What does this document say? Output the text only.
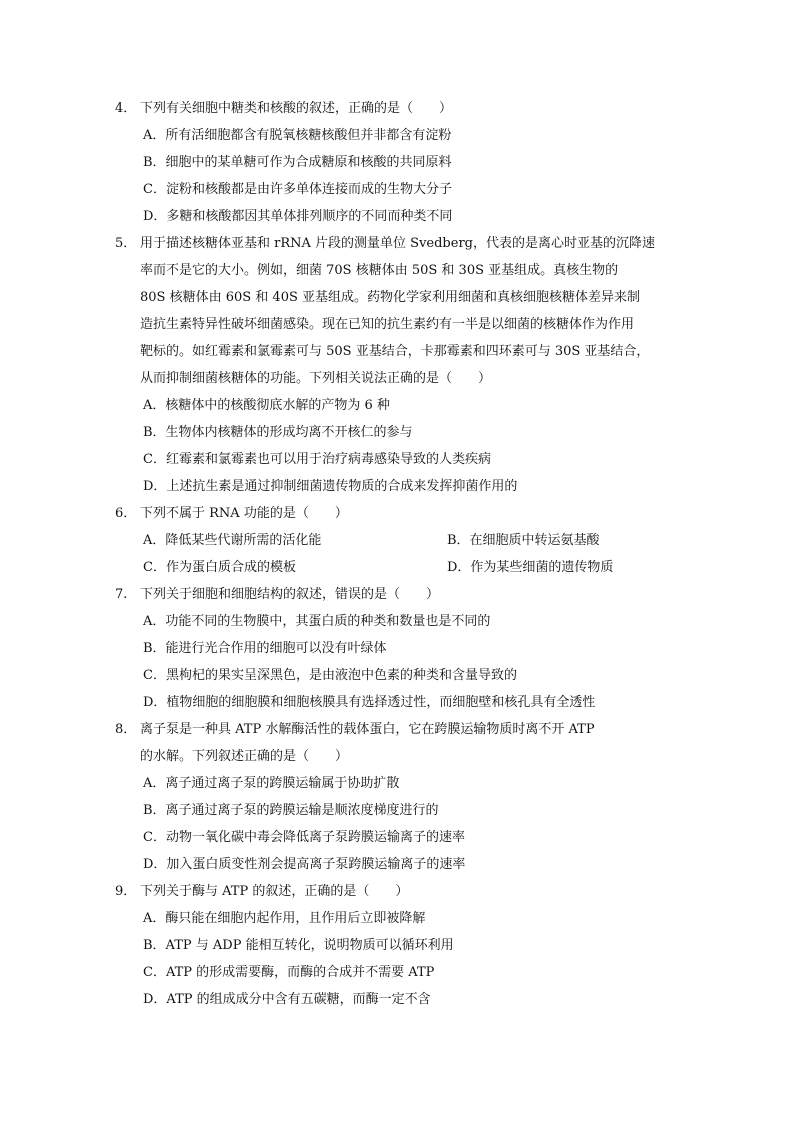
4． 下列有关细胞中糖类和核酸的叙述，正确的是（　　）
A．所有活细胞都含有脱氧核糖核酸但并非都含有淀粉
B．细胞中的某单糖可作为合成糖原和核酸的共同原料
C．淀粉和核酸都是由许多单体连接而成的生物大分子
D．多糖和核酸都因其单体排列顺序的不同而种类不同
5． 用于描述核糖体亚基和 rRNA 片段的测量单位 Svedberg，代表的是离心时亚基的沉降速
率而不是它的大小。例如，细菌 70S 核糖体由 50S 和 30S 亚基组成。真核生物的
80S 核糖体由 60S 和 40S 亚基组成。药物化学家利用细菌和真核细胞核糖体差异来制
造抗生素特异性破坏细菌感染。现在已知的抗生素约有一半是以细菌的核糖体作为作用
靶标的。如红霉素和氯霉素可与 50S 亚基结合，卡那霉素和四环素可与 30S 亚基结合，
从而抑制细菌核糖体的功能。下列相关说法正确的是（　　）
A．核糖体中的核酸彻底水解的产物为 6 种
B．生物体内核糖体的形成均离不开核仁的参与
C．红霉素和氯霉素也可以用于治疗病毒感染导致的人类疾病
D．上述抗生素是通过抑制细菌遗传物质的合成来发挥抑菌作用的
6． 下列不属于 RNA 功能的是（　　）
A．降低某些代谢所需的活化能	B．在细胞质中转运氨基酸
C．作为蛋白质合成的模板	D．作为某些细菌的遗传物质
7. 下列关于细胞和细胞结构的叙述，错误的是（　　）
A．功能不同的生物膜中，其蛋白质的种类和数量也是不同的
B．能进行光合作用的细胞可以没有叶绿体
C．黑枸杞的果实呈深黑色，是由液泡中色素的种类和含量导致的
D．植物细胞的细胞膜和细胞核膜具有选择透过性，而细胞壁和核孔具有全透性
8． 离子泵是一种具 ATP 水解酶活性的载体蛋白，它在跨膜运输物质时离不开 ATP
的水解。下列叙述正确的是（　　）
A．离子通过离子泵的跨膜运输属于协助扩散
B．离子通过离子泵的跨膜运输是顺浓度梯度进行的
C．动物一氧化碳中毒会降低离子泵跨膜运输离子的速率
D．加入蛋白质变性剂会提高离子泵跨膜运输离子的速率
9． 下列关于酶与 ATP 的叙述，正确的是（　　）
A．酶只能在细胞内起作用，且作用后立即被降解
B．ATP 与 ADP 能相互转化，说明物质可以循环利用
C．ATP 的形成需要酶，而酶的合成并不需要 ATP
D．ATP 的组成成分中含有五碳糖，而酶一定不含
